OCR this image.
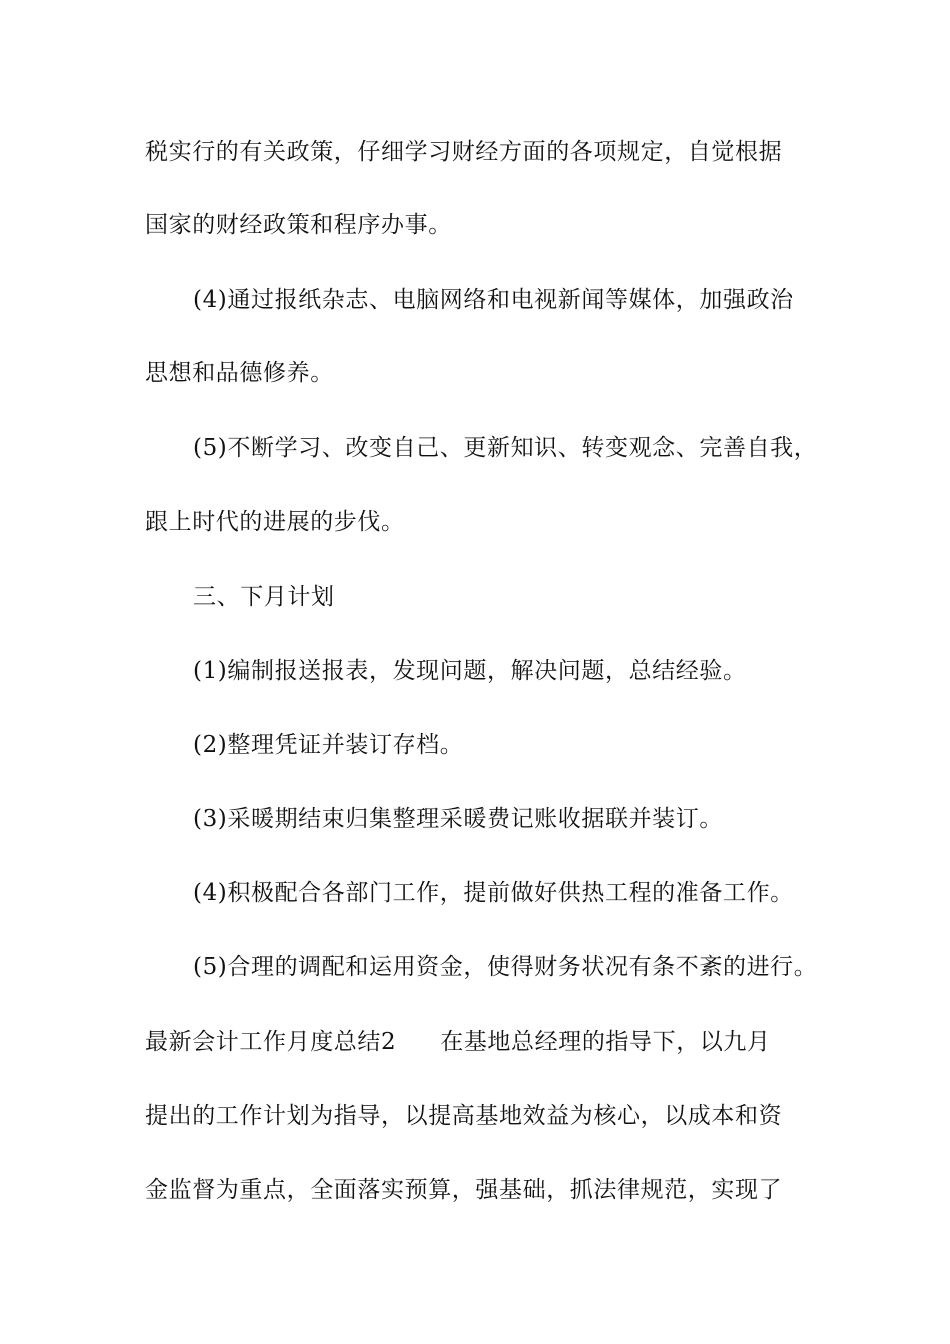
税实行的有关政策，仔细学习财经方面的各项规定，自觉根据
国家的财经政策和程序办事。
(4)通过报纸杂志、电脑网络和电视新闻等媒体，加强政治
思想和品德修养。
(5)不断学习、改变自己、更新知识、转变观念、完善自我，
跟上时代的进展的步伐。
三、下月计划
(1)编制报送报表，发现问题，解决问题，总结经验。
(2)整理凭证并装订存档。
(3)采暖期结束归集整理采暖费记账收据联并装订。
(4)积极配合各部门工作，提前做好供热工程的准备工作。
(5)合理的调配和运用资金，使得财务状况有条不紊的进行。
最新会计工作月度总结2 在基地总经理的指导下，以九月
提出的工作计划为指导，以提高基地效益为核心，以成本和资
金监督为重点，全面落实预算，强基础，抓法律规范，实现了
